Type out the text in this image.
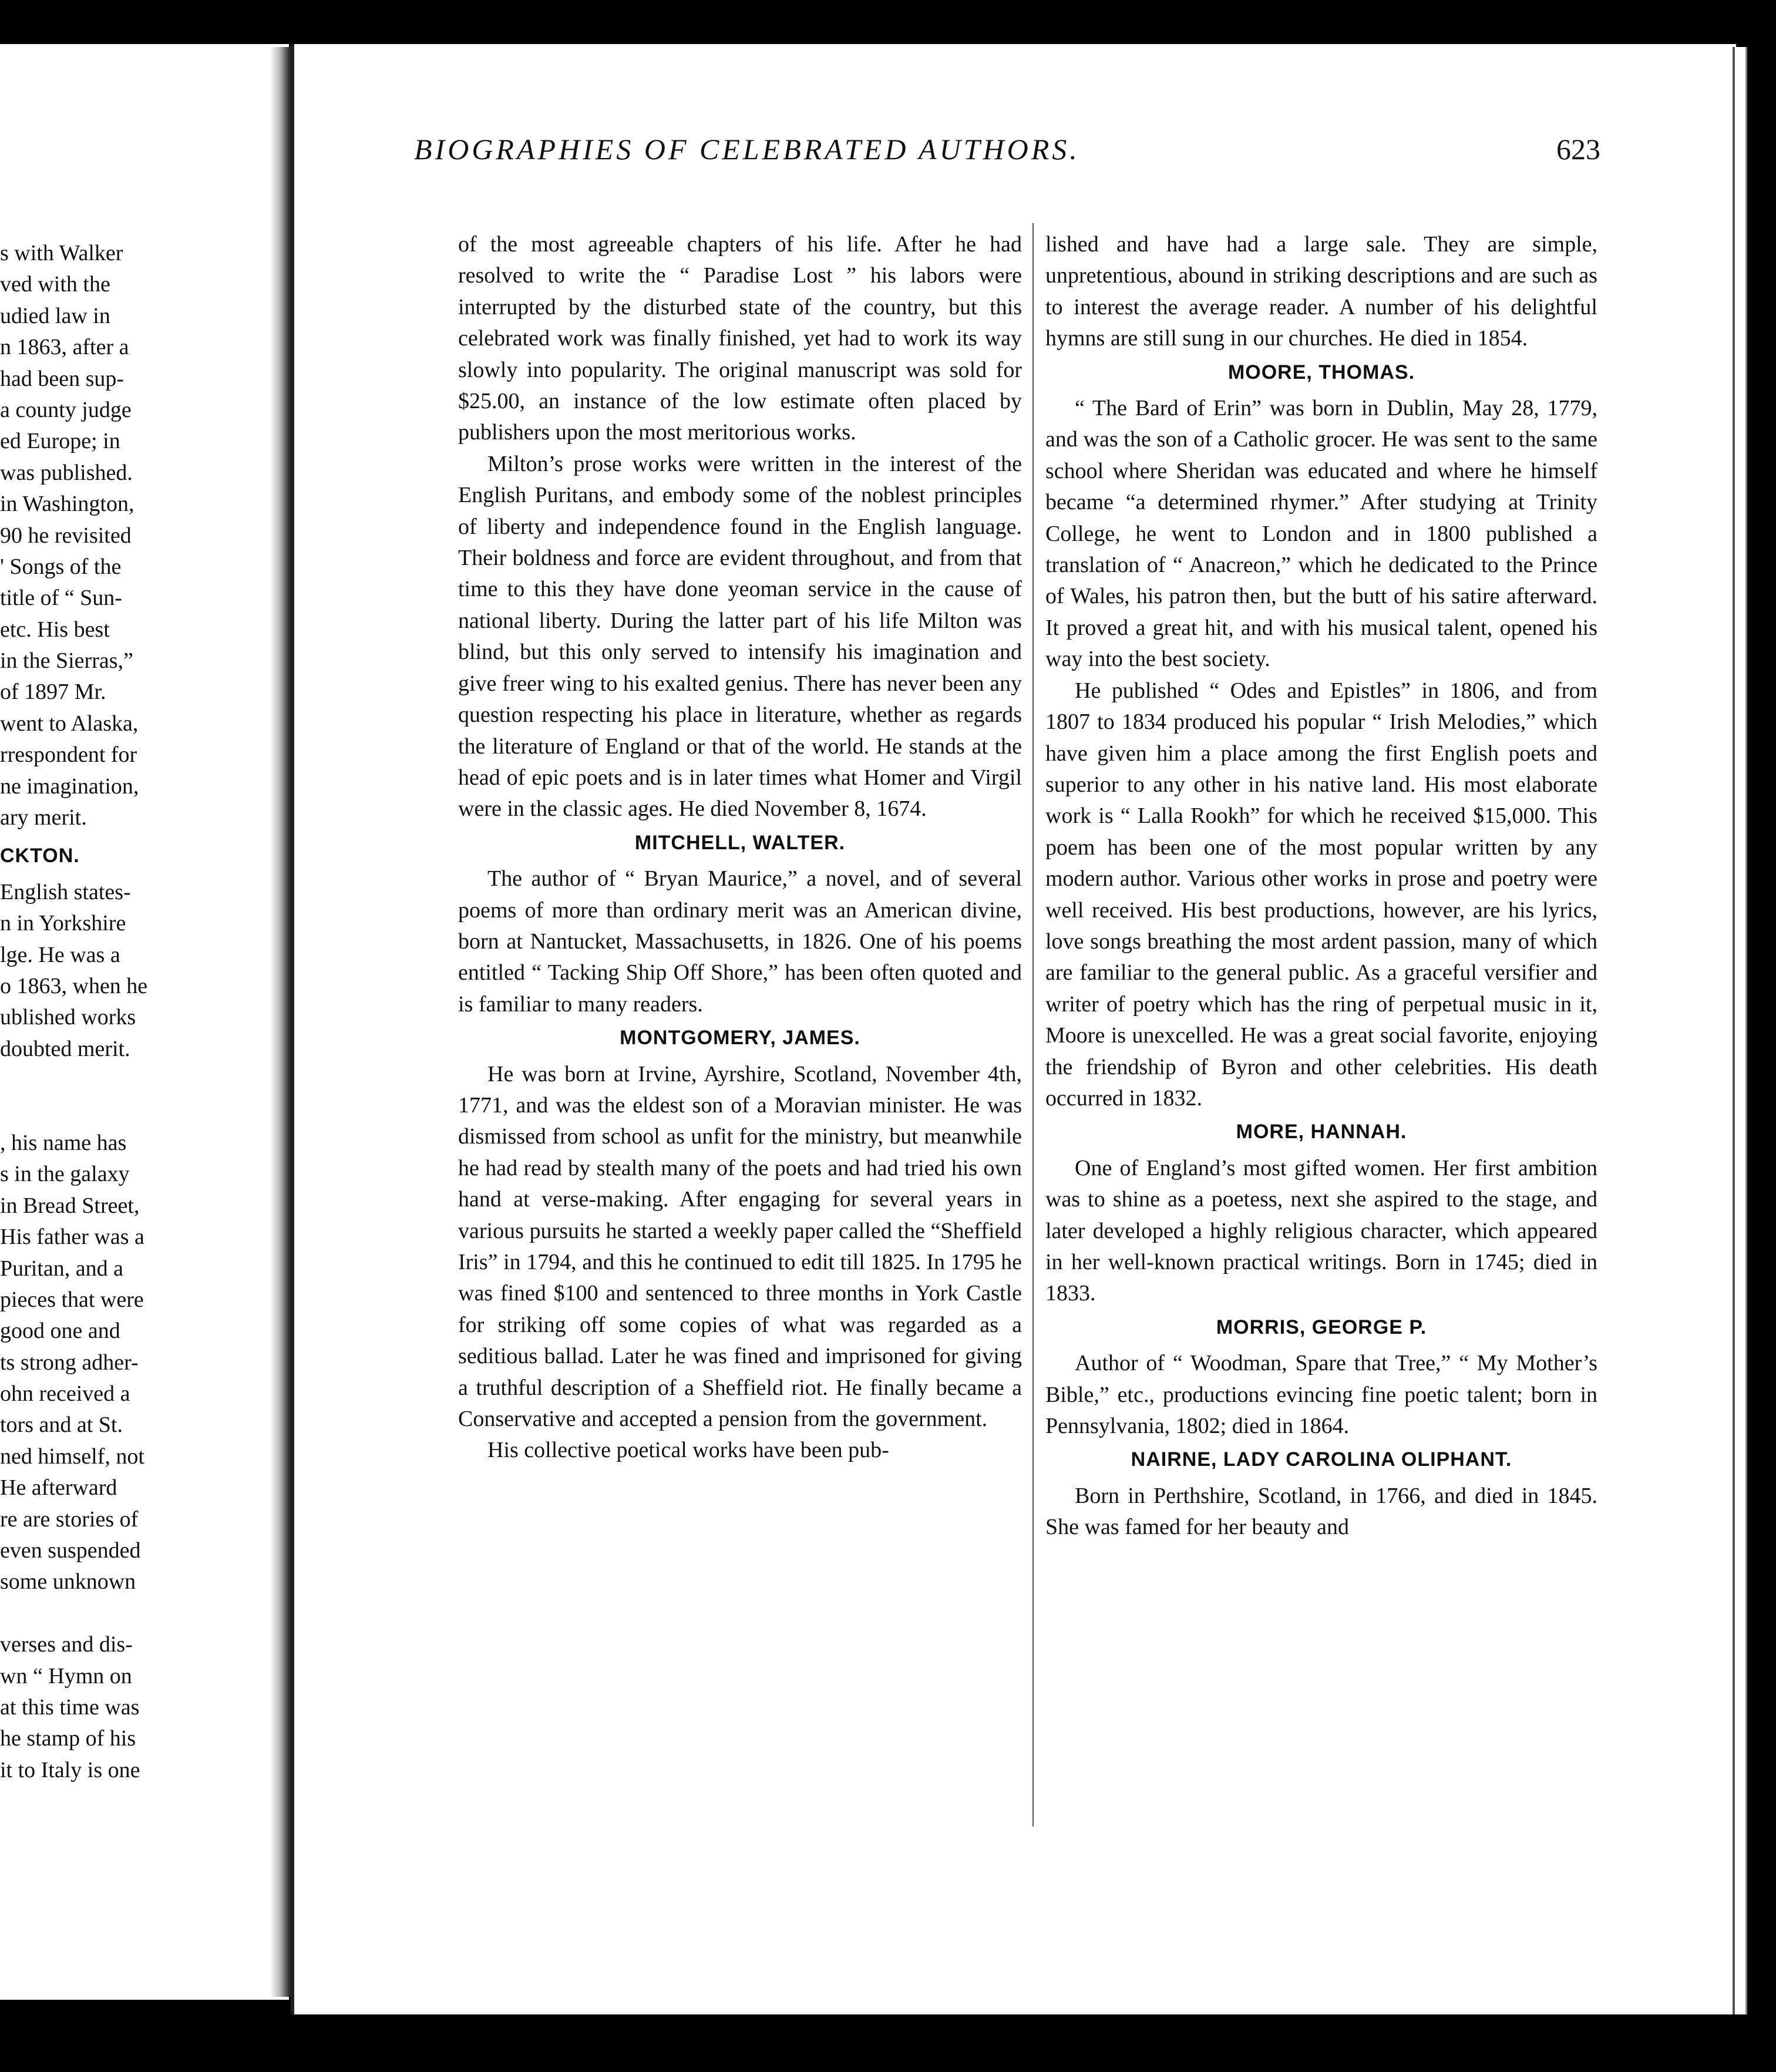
s with Walker
ved with the
udied law in
n 1863, after a
had been sup-
a county judge
ed Europe; in
was published.
in Washington,
90 he revisited
' Songs of the
title of “ Sun-
etc. His best
in the Sierras,”
of 1897 Mr.
went to Alaska,
rrespondent for
ne imagination,
ary merit.
CKTON.
English states-
n in Yorkshire
lge. He was a
o 1863, when he
ublished works
doubted merit.
, his name has
s in the galaxy
in Bread Street,
His father was a
Puritan, and a
pieces that were
good one and
ts strong adher-
ohn received a
tors and at St.
ned himself, not
He afterward
re are stories of
even suspended
some unknown
verses and dis-
wn “ Hymn on
at this time was
he stamp of his
it to Italy is one
BIOGRAPHIES OF CELEBRATED AUTHORS.	623

of the most agreeable chapters of his life. After he had resolved to write the “ Paradise Lost ” his labors were interrupted by the disturbed state of the country, but this celebrated work was finally finished, yet had to work its way slowly into popularity. The original manuscript was sold for $25.00, an instance of the low estimate often placed by publishers upon the most meritorious works.

Milton’s prose works were written in the interest of the English Puritans, and embody some of the noblest principles of liberty and independence found in the English language. Their boldness and force are evident throughout, and from that time to this they have done yeoman service in the cause of national liberty. During the latter part of his life Milton was blind, but this only served to intensify his imagination and give freer wing to his exalted genius. There has never been any question respecting his place in literature, whether as regards the literature of England or that of the world. He stands at the head of epic poets and is in later times what Homer and Virgil were in the classic ages. He died November 8, 1674.

MITCHELL, WALTER.

The author of “ Bryan Maurice,” a novel, and of several poems of more than ordinary merit was an American divine, born at Nantucket, Massachusetts, in 1826. One of his poems entitled “ Tacking Ship Off Shore,” has been often quoted and is familiar to many readers.

MONTGOMERY, JAMES.

He was born at Irvine, Ayrshire, Scotland, November 4th, 1771, and was the eldest son of a Moravian minister. He was dismissed from school as unfit for the ministry, but meanwhile he had read by stealth many of the poets and had tried his own hand at verse-making. After engaging for several years in various pursuits he started a weekly paper called the “Sheffield Iris” in 1794, and this he continued to edit till 1825. In 1795 he was fined $100 and sentenced to three months in York Castle for striking off some copies of what was regarded as a seditious ballad. Later he was fined and imprisoned for giving a truthful description of a Sheffield riot. He finally became a Conservative and accepted a pension from the government.

His collective poetical works have been pub-

lished and have had a large sale. They are simple, unpretentious, abound in striking descriptions and are such as to interest the average reader. A number of his delightful hymns are still sung in our churches. He died in 1854.

MOORE, THOMAS.

“ The Bard of Erin” was born in Dublin, May 28, 1779, and was the son of a Catholic grocer. He was sent to the same school where Sheridan was educated and where he himself became “a determined rhymer.” After studying at Trinity College, he went to London and in 1800 published a translation of “ Anacreon,” which he dedicated to the Prince of Wales, his patron then, but the butt of his satire afterward. It proved a great hit, and with his musical talent, opened his way into the best society.

He published “ Odes and Epistles” in 1806, and from 1807 to 1834 produced his popular “ Irish Melodies,” which have given him a place among the first English poets and superior to any other in his native land. His most elaborate work is “ Lalla Rookh” for which he received $15,000. This poem has been one of the most popular written by any modern author. Various other works in prose and poetry were well received. His best productions, however, are his lyrics, love songs breathing the most ardent passion, many of which are familiar to the general public. As a graceful versifier and writer of poetry which has the ring of perpetual music in it, Moore is unexcelled. He was a great social favorite, enjoying the friendship of Byron and other celebrities. His death occurred in 1832.

MORE, HANNAH.

One of England’s most gifted women. Her first ambition was to shine as a poetess, next she aspired to the stage, and later developed a highly religious character, which appeared in her well-known practical writings. Born in 1745; died in 1833.

MORRIS, GEORGE P.

Author of “ Woodman, Spare that Tree,” “ My Mother’s Bible,” etc., productions evincing fine poetic talent; born in Pennsylvania, 1802; died in 1864.

NAIRNE, LADY CAROLINA OLIPHANT.

Born in Perthshire, Scotland, in 1766, and died in 1845. She was famed for her beauty and
